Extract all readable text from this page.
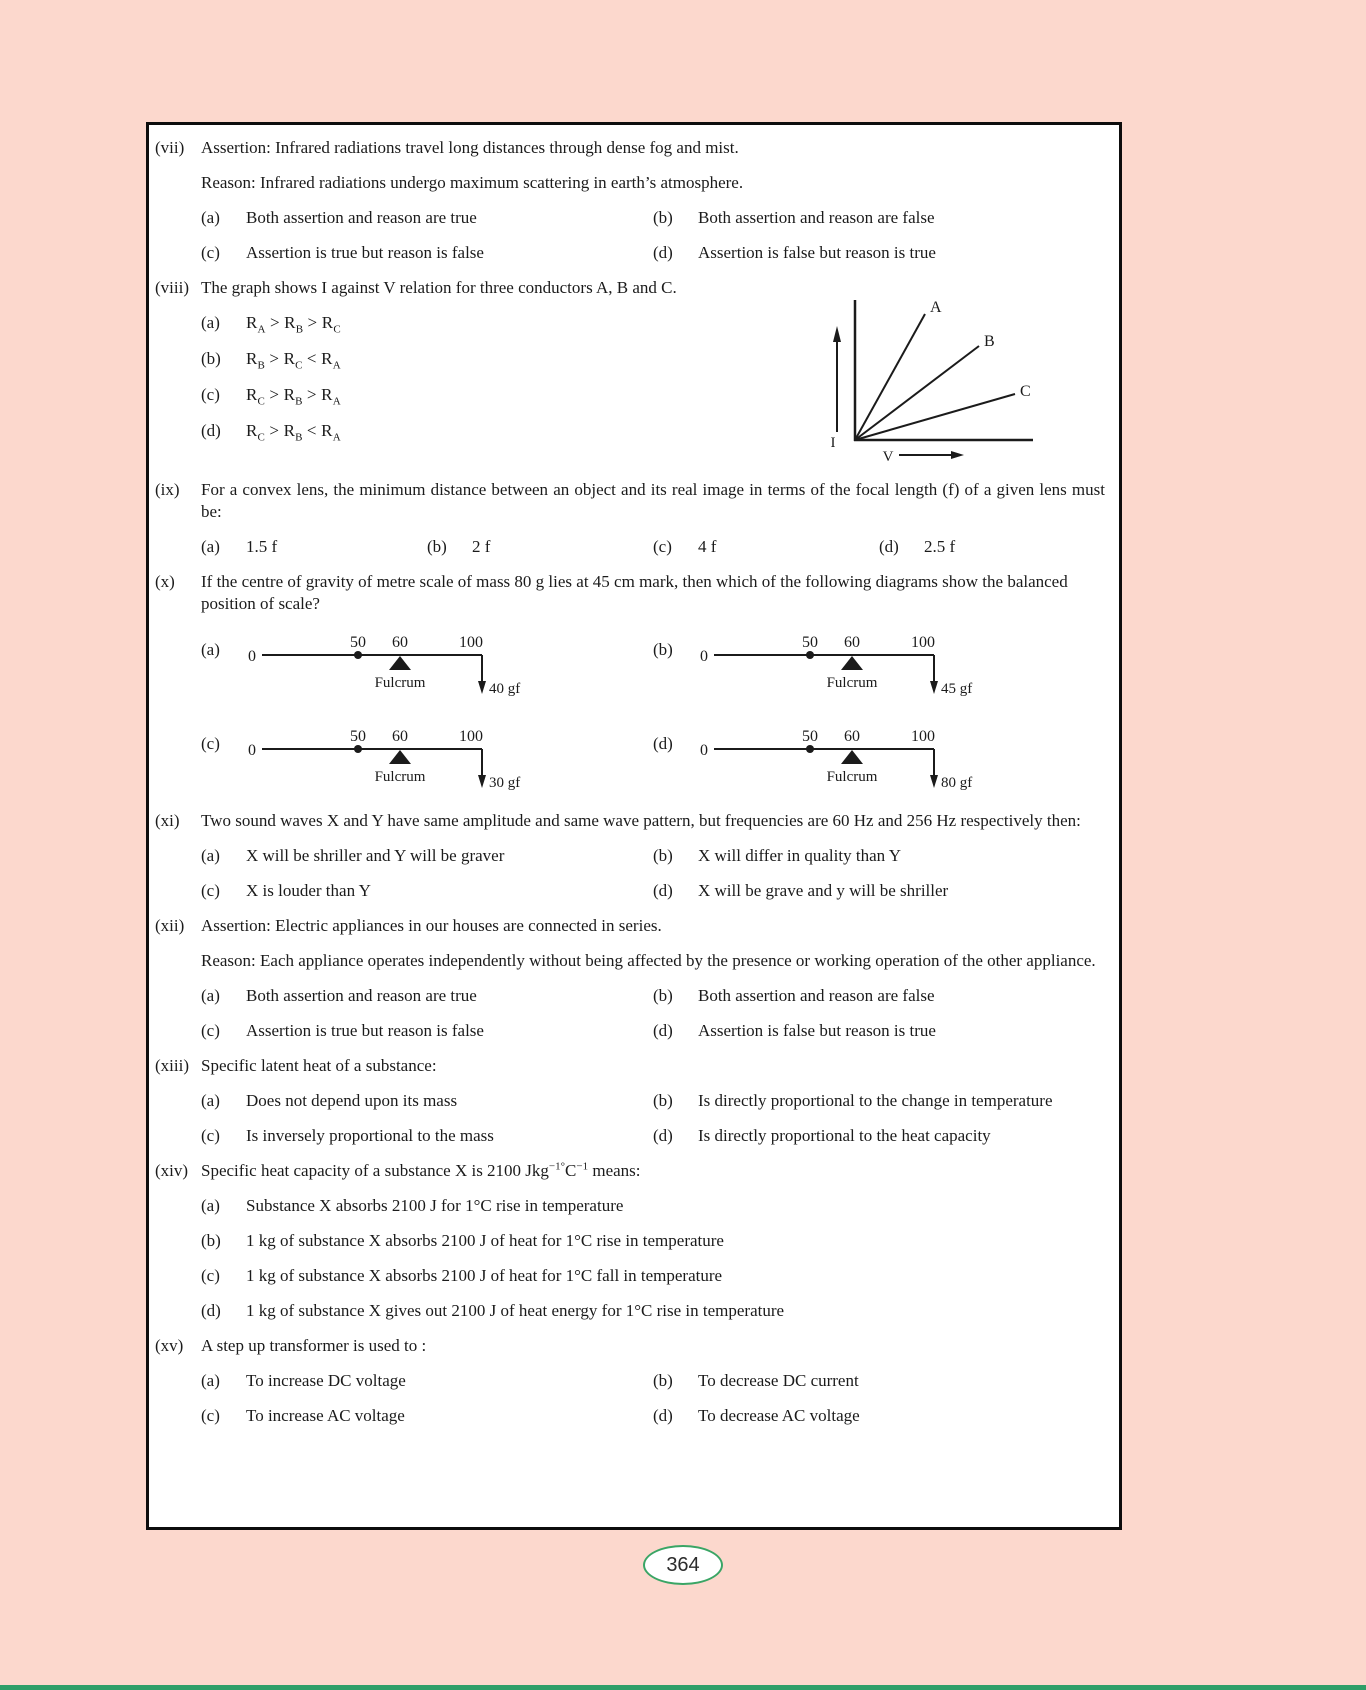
(vii) Assertion: Infrared radiations travel long distances through dense fog and mist.
Reason: Infrared radiations undergo maximum scattering in earth’s atmosphere.
(a)	Both assertion and reason are true	(b)	Both assertion and reason are false
(c)	Assertion is true but reason is false	(d)	Assertion is false but reason is true
(viii) The graph shows I against V relation for three conductors A, B and C.
(a)	$R_A > R_B > R_C$
(b)	$R_B > R_C < R_A$
(c)	$R_C > R_B > R_A$
(d)	$R_C > R_B < R_A$
A
B
C
I
V
(ix)	For a convex lens, the minimum distance between an object and its real image in terms of the focal length (f) of a given lens must be:
(a)	1.5 f	(b)	2 f	(c)	4 f	(d)	2.5 f
(x)	If the centre of gravity of metre scale of mass 80 g lies at 45 cm mark, then which of the following diagrams show the balanced position of scale?
(a)	0
50 60	100
Fulcrum	40 gf
(b)	0
50 60	100
Fulcrum	45 gf
(c)	0
50 60	100
Fulcrum	30 gf
(d)	0
50 60	100
Fulcrum	80 gf
(xi)	Two sound waves X and Y have same amplitude and same wave pattern, but frequencies are 60 Hz and 256 Hz respectively then:
(a)	X will be shriller and Y will be graver	(b)	X will differ in quality than Y
(c)	X is louder than Y	(d)	X will be grave and y will be shriller
(xii) Assertion: Electric appliances in our houses are connected in series.
Reason: Each appliance operates independently without being affected by the presence or working operation of the other appliance.
(a)	Both assertion and reason are true	(b)	Both assertion and reason are false
(c)	Assertion is true but reason is false	(d)	Assertion is false but reason is true
(xiii) Specific latent heat of a substance:
(a)	Does not depend upon its mass	(b)	Is directly proportional to the change in temperature
(c)	Is inversely proportional to the mass	(d)	Is directly proportional to the heat capacity
(xiv) Specific heat capacity of a substance X is 2100 $Jkg^{-1^\circ}C^{-1}$ means:
(a)	Substance X absorbs 2100 J for 1°C rise in temperature
(b)	1 kg of substance X absorbs 2100 J of heat for 1°C rise in temperature
(c)	1 kg of substance X absorbs 2100 J of heat for 1°C fall in temperature
(d)	1 kg of substance X gives out 2100 J of heat energy for 1°C rise in temperature
(xv)	A step up transformer is used to :
(a)	To increase DC voltage	(b)	To decrease DC current
(c)	To increase AC voltage	(d)	To decrease AC voltage
364
